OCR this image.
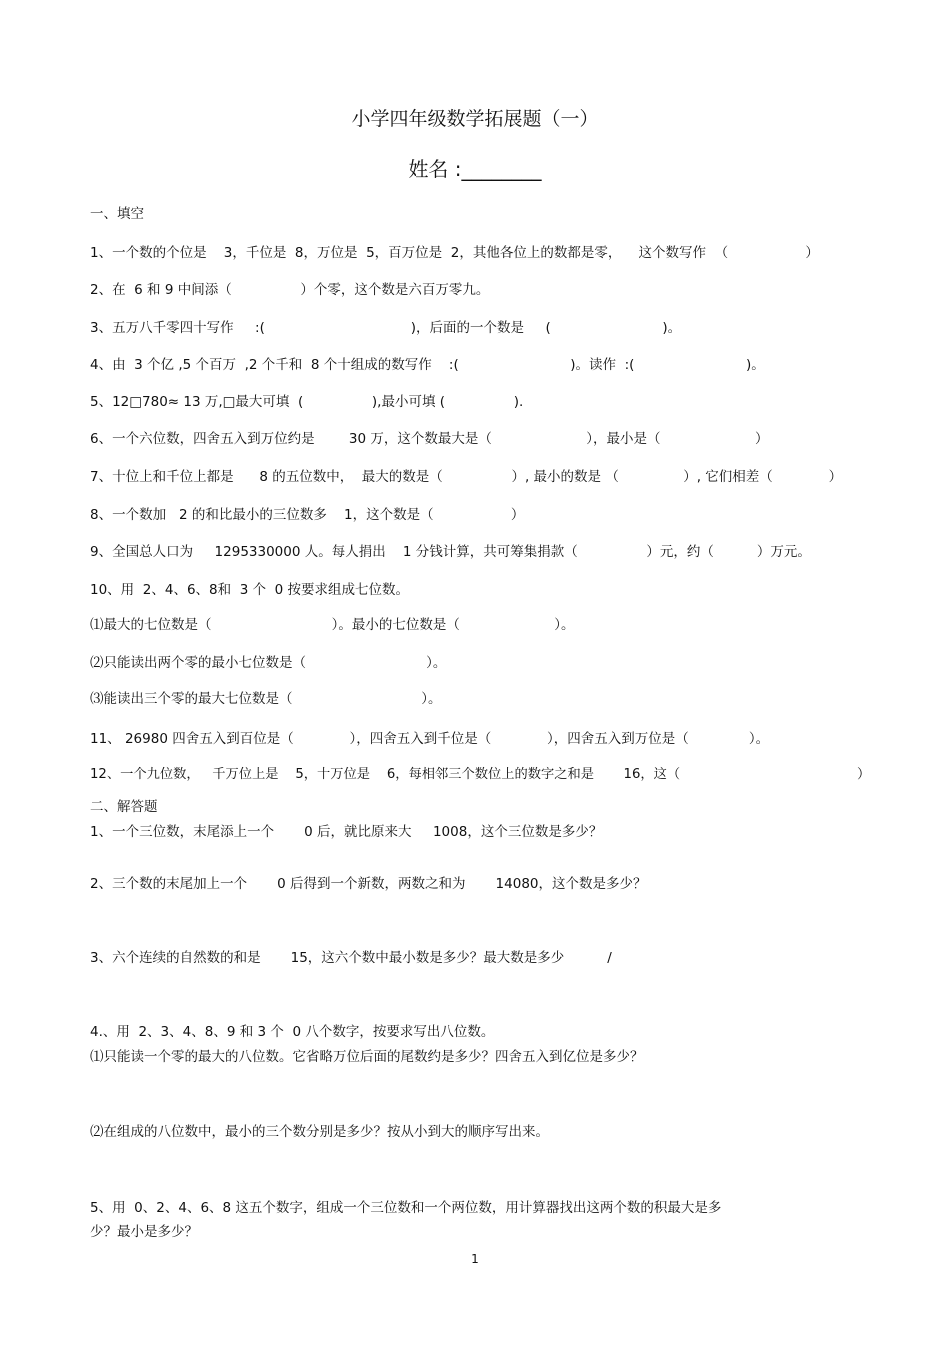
小学四年级数学拓展题（一）
姓名 :________
一、填空
1、一个数的个位是    3，千位是  8，万位是  5，百万位是  2，其他各位上的数都是零，    这个数写作  （                  ）
2、在  6 和 9 中间添（                ）个零，这个数是六百万零九。
3、五万八千零四十写作     :(                                  )，后面的一个数是     (                          )。
4、由  3 个亿 ,5 个百万  ,2 个千和  8 个十组成的数写作    :(                          )。读作  :(                          )。
5、12□780≈ 13 万,□最大可填  (                ),最小可填 (                ).
6、一个六位数，四舍五入到万位约是        30 万，这个数最大是（                      ），最小是（                      ）
7、十位上和千位上都是      8 的五位数中，  最大的数是（                ）, 最小的数是 （               ）, 它们相差（             ）
8、一个数加   2 的和比最小的三位数多    1，这个数是（                  ）
9、全国总人口为     1295330000 人。每人捐出    1 分钱计算，共可筹集捐款（                ）元，约（          ）万元。
10、用  2、4、6、8和  3 个  0 按要求组成七位数。
⑴最大的七位数是（                            ）。最小的七位数是（                      ）。
⑵只能读出两个零的最小七位数是（                            ）。
⑶能读出三个零的最大七位数是（                              ）。
11、 26980 四舍五入到百位是（             ），四舍五入到千位是（             ），四舍五入到万位是（              ）。
12、一个九位数，   千万位上是    5，十万位是    6，每相邻三个数位上的数字之和是       16，这（                                          ）
二、解答题
1、一个三位数，末尾添上一个       0 后，就比原来大     1008，这个三位数是多少？
2、三个数的末尾加上一个       0 后得到一个新数，两数之和为       14080，这个数是多少？
3、六个连续的自然数的和是       15，这六个数中最小数是多少？最大数是多少          /
4.、用  2、3、4、8、9 和 3 个  0 八个数字，按要求写出八位数。
⑴只能读一个零的最大的八位数。它省略万位后面的尾数约是多少？四舍五入到亿位是多少？
⑵在组成的八位数中，最小的三个数分别是多少？按从小到大的顺序写出来。
5、用  0、2、4、6、8 这五个数字，组成一个三位数和一个两位数，用计算器找出这两个数的积最大是多
少？最小是多少？
1
